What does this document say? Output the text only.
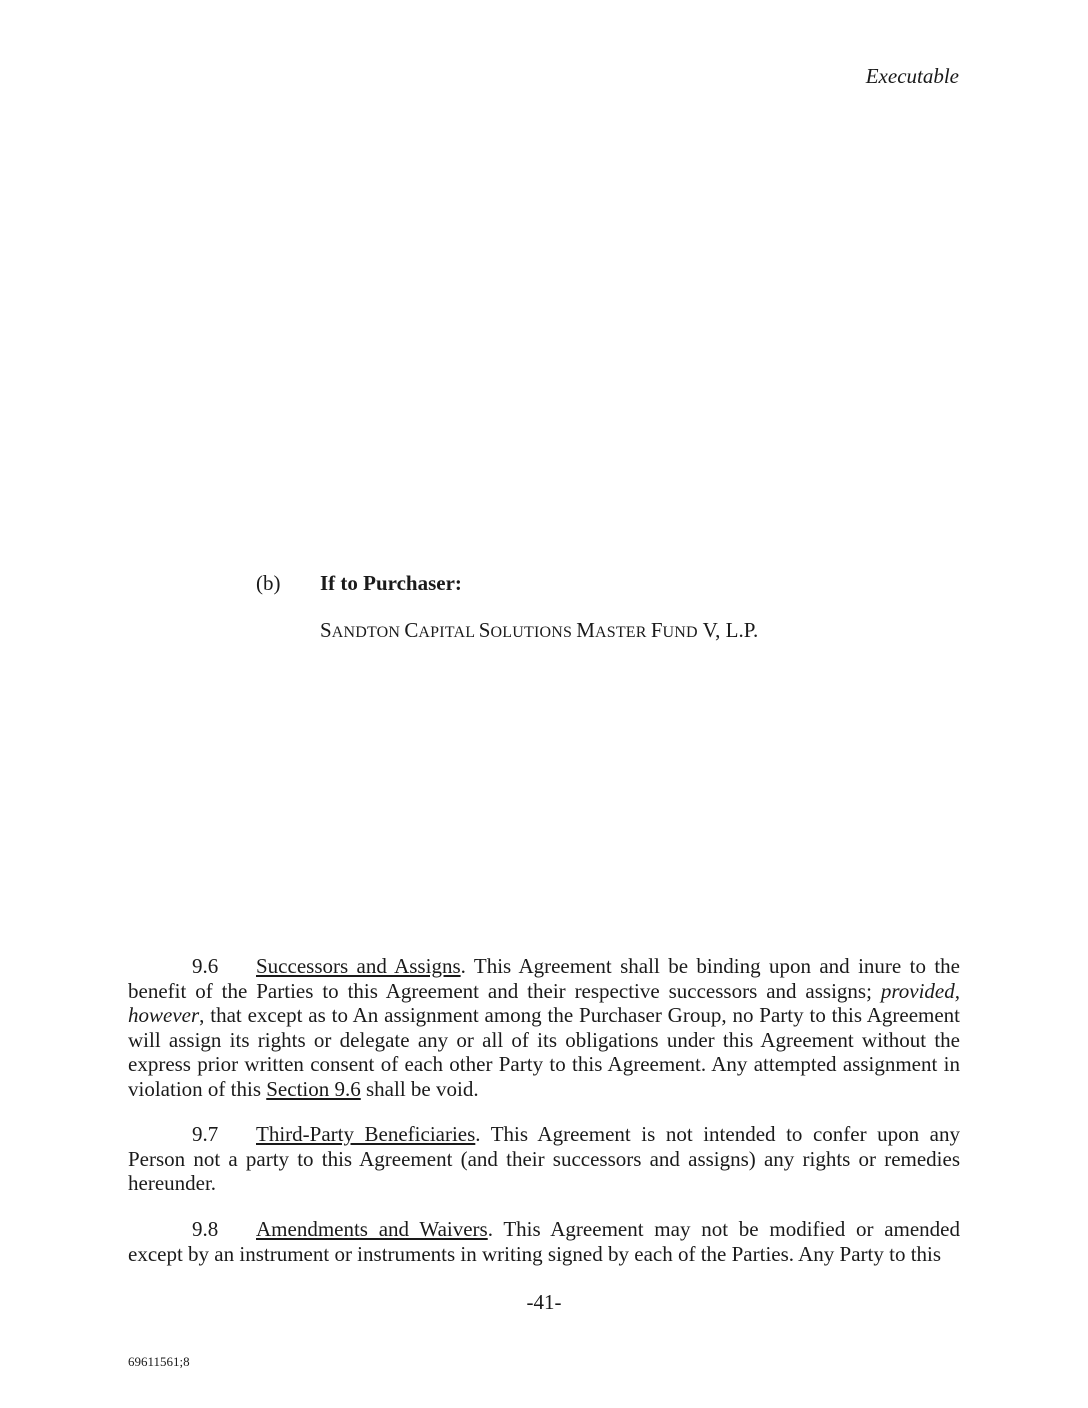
Executable
(b) If to Purchaser:
SANDTON CAPITAL SOLUTIONS MASTER FUND V, L.P.

9.6 Successors and Assigns. This Agreement shall be binding upon and inure to the benefit of the Parties to this Agreement and their respective successors and assigns; provided, however, that except as to An assignment among the Purchaser Group, no Party to this Agreement will assign its rights or delegate any or all of its obligations under this Agreement without the express prior written consent of each other Party to this Agreement. Any attempted assignment in violation of this Section 9.6 shall be void.

9.7 Third-Party Beneficiaries. This Agreement is not intended to confer upon any Person not a party to this Agreement (and their successors and assigns) any rights or remedies hereunder.

9.8 Amendments and Waivers. This Agreement may not be modified or amended except by an instrument or instruments in writing signed by each of the Parties. Any Party to this

-41-
69611561;8
